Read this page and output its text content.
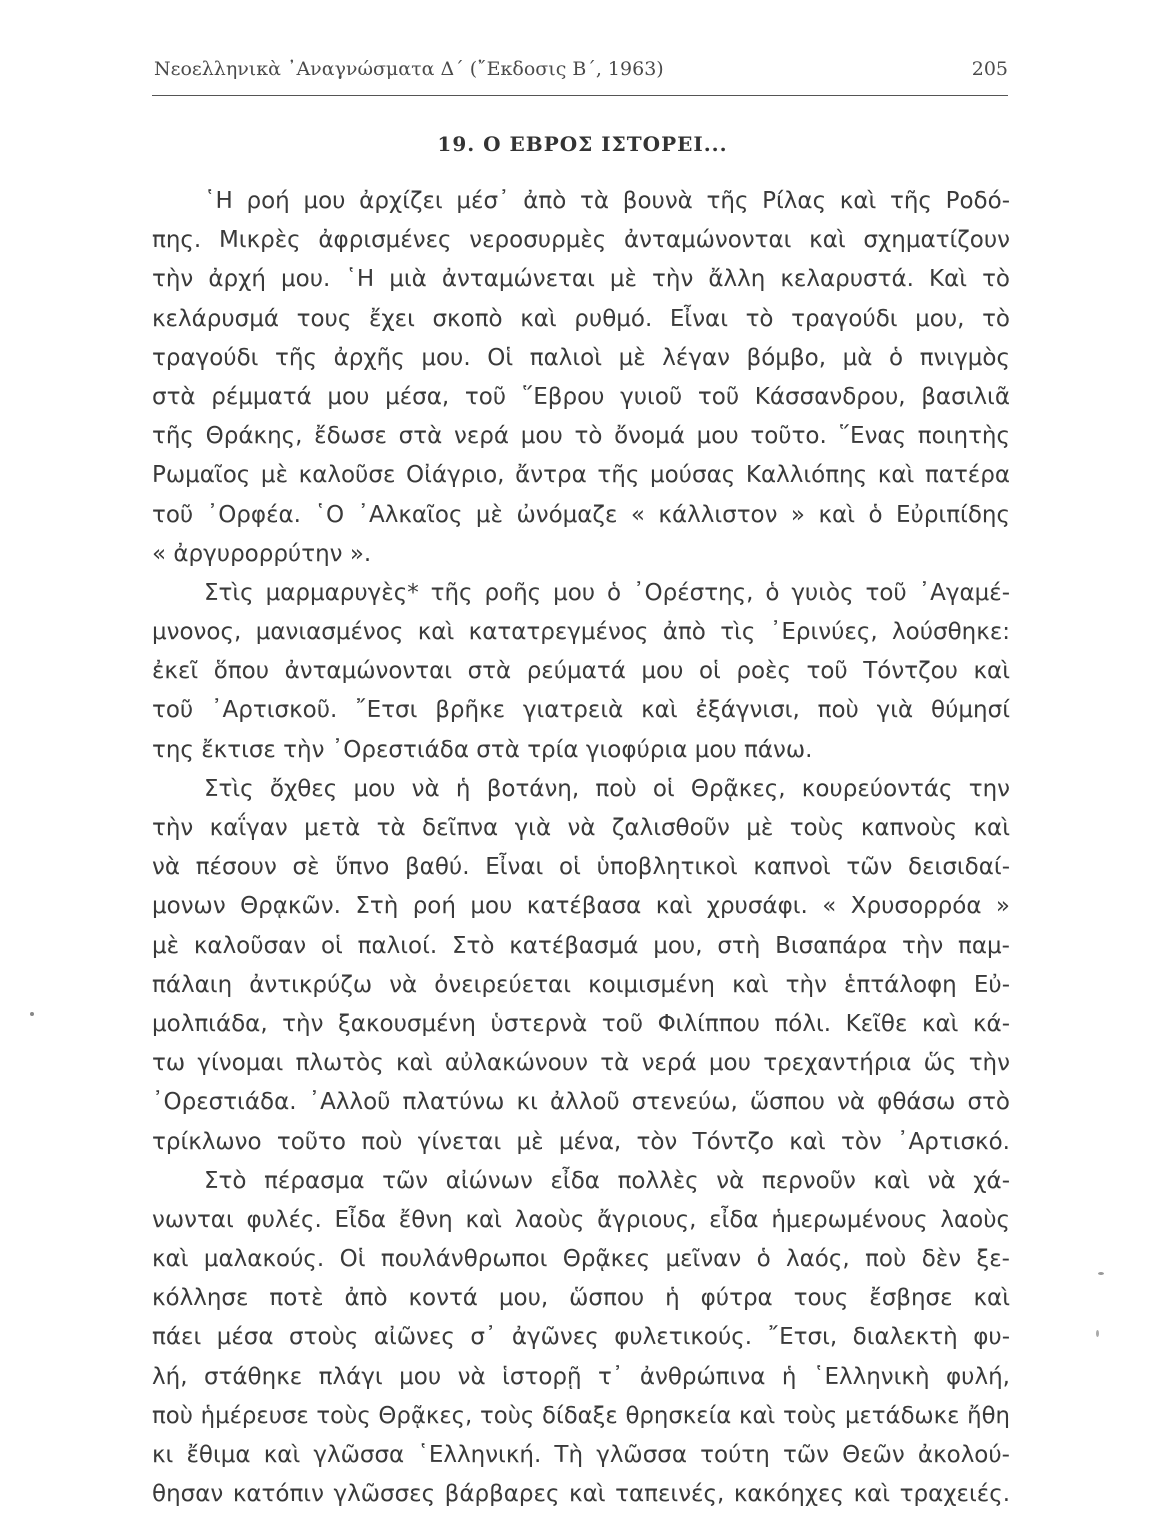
Νεοελληνικὰ ᾿Αναγνώσματα Δ΄ (῎Εκδοσις Β΄, 1963)	205
19. Ο ΕΒΡΟΣ ΙΣΤΟΡΕΙ...
῾Η ροή μου ἀρχίζει μέσ᾿ ἀπὸ τὰ βουνὰ τῆς Ρίλας καὶ τῆς Ροδό-
πης. Μικρὲς ἀφρισμένες νεροσυρμὲς ἀνταμώνονται καὶ σχηματίζουν
τὴν ἀρχή μου. ῾Η μιὰ ἀνταμώνεται μὲ τὴν ἄλλη κελαρυστά. Καὶ τὸ
κελάρυσμά τους ἔχει σκοπὸ καὶ ρυθμό. Εἶναι τὸ τραγούδι μου, τὸ
τραγούδι τῆς ἀρχῆς μου. Οἱ παλιοὶ μὲ λέγαν βόμβο, μὰ ὁ πνιγμὸς
στὰ ρέμματά μου μέσα, τοῦ ῞Εβρου γυιοῦ τοῦ Κάσσανδρου, βασιλιᾶ
τῆς Θράκης, ἔδωσε στὰ νερά μου τὸ ὄνομά μου τοῦτο. ῞Ενας ποιητὴς
Ρωμαῖος μὲ καλοῦσε Οἰάγριο, ἄντρα τῆς μούσας Καλλιόπης καὶ πατέρα
τοῦ ᾿Ορφέα. ῾Ο ᾿Αλκαῖος μὲ ὠνόμαζε « κάλλιστον » καὶ ὁ Εὐριπίδης
« ἀργυρορρύτην ».
Στὶς μαρμαρυγὲς* τῆς ροῆς μου ὁ ᾿Ορέστης, ὁ γυιὸς τοῦ ᾿Αγαμέ-
μνονος, μανιασμένος καὶ κατατρεγμένος ἀπὸ τὶς ᾿Ερινύες, λούσθηκε:
ἐκεῖ ὅπου ἀνταμώνονται στὰ ρεύματά μου οἱ ροὲς τοῦ Τόντζου καὶ
τοῦ ᾿Αρτισκοῦ. ῎Ετσι βρῆκε γιατρειὰ καὶ ἐξάγνισι, ποὺ γιὰ θύμησί
της ἔκτισε τὴν ᾿Ορεστιάδα στὰ τρία γιοφύρια μου πάνω.
Στὶς ὄχθες μου νὰ ἡ βοτάνη, ποὺ οἱ Θρᾷκες, κουρεύοντάς την
τὴν καΐγαν μετὰ τὰ δεῖπνα γιὰ νὰ ζαλισθοῦν μὲ τοὺς καπνοὺς καὶ
νὰ πέσουν σὲ ὕπνο βαθύ. Εἶναι οἱ ὑποβλητικοὶ καπνοὶ τῶν δεισιδαί-
μονων Θρᾳκῶν. Στὴ ροή μου κατέβασα καὶ χρυσάφι. « Χρυσορρόα »
μὲ καλοῦσαν οἱ παλιοί. Στὸ κατέβασμά μου, στὴ Βισαπάρα τὴν παμ-
πάλαιη ἀντικρύζω νὰ ὀνειρεύεται κοιμισμένη καὶ τὴν ἑπτάλοφη Εὐ-
μολπιάδα, τὴν ξακουσμένη ὑστερνὰ τοῦ Φιλίππου πόλι. Κεῖθε καὶ κά-
τω γίνομαι πλωτὸς καὶ αὐλακώνουν τὰ νερά μου τρεχαντήρια ὥς τὴν
᾿Ορεστιάδα. ᾿Αλλοῦ πλατύνω κι ἀλλοῦ στενεύω, ὥσπου νὰ φθάσω στὸ
τρίκλωνο τοῦτο ποὺ γίνεται μὲ μένα, τὸν Τόντζο καὶ τὸν ᾿Αρτισκό.
Στὸ πέρασμα τῶν αἰώνων εἶδα πολλὲς νὰ περνοῦν καὶ νὰ χά-
νωνται φυλές. Εἶδα ἔθνη καὶ λαοὺς ἄγριους, εἶδα ἡμερωμένους λαοὺς
καὶ μαλακούς. Οἱ πουλάνθρωποι Θρᾷκες μεῖναν ὁ λαός, ποὺ δὲν ξε-
κόλλησε ποτὲ ἀπὸ κοντά μου, ὥσπου ἡ φύτρα τους ἔσβησε καὶ
πάει μέσα στοὺς αἰῶνες σ᾿ ἀγῶνες φυλετικούς. ῎Ετσι, διαλεκτὴ φυ-
λή, στάθηκε πλάγι μου νὰ ἱστορῇ τ᾿ ἀνθρώπινα ἡ ῾Ελληνικὴ φυλή,
ποὺ ἡμέρευσε τοὺς Θρᾷκες, τοὺς δίδαξε θρησκεία καὶ τοὺς μετάδωκε ἤθη
κι ἔθιμα καὶ γλῶσσα ῾Ελληνική. Τὴ γλῶσσα τούτη τῶν Θεῶν ἀκολού-
θησαν κατόπιν γλῶσσες βάρβαρες καὶ ταπεινές, κακόηχες καὶ τραχειές.
